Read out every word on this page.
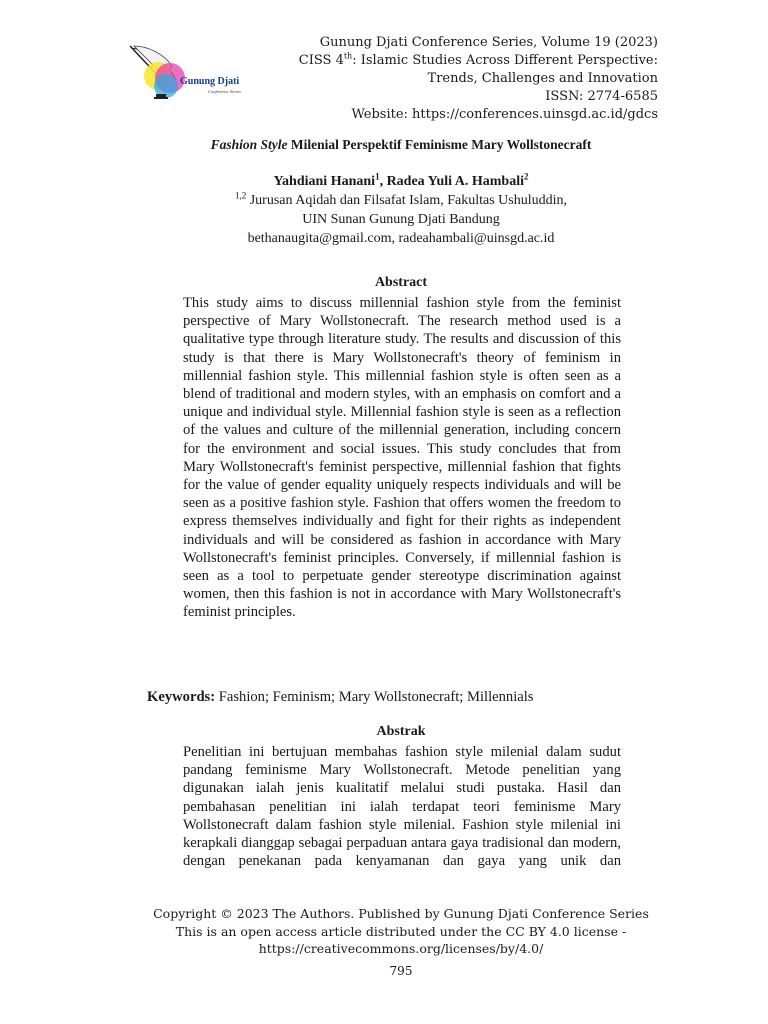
Gunung Djati
Conference Series
Gunung Djati Conference Series, Volume 19 (2023)
CISS 4th: Islamic Studies Across Different Perspective:
Trends, Challenges and Innovation
ISSN: 2774-6585
Website: https://conferences.uinsgd.ac.id/gdcs
Fashion Style Milenial Perspektif Feminisme Mary Wollstonecraft
Yahdiani Hanani$^1$, Radea Yuli A. Hambali$^2$
$^{1,2}$ Jurusan Aqidah dan Filsafat Islam, Fakultas Ushuluddin,
UIN Sunan Gunung Djati Bandung
bethanaugita@gmail.com, radeahambali@uinsgd.ac.id
Abstract
This study aims to discuss millennial fashion style from the feminist perspective of Mary Wollstonecraft. The research method used is a qualitative type through literature study. The results and discussion of this study is that there is Mary Wollstonecraft's theory of feminism in millennial fashion style. This millennial fashion style is often seen as a blend of traditional and modern styles, with an emphasis on comfort and a unique and individual style. Millennial fashion style is seen as a reflection of the values and culture of the millennial generation, including concern for the environment and social issues. This study concludes that from Mary Wollstonecraft's feminist perspective, millennial fashion that fights for the value of gender equality uniquely respects individuals and will be seen as a positive fashion style. Fashion that offers women the freedom to express themselves individually and fight for their rights as independent individuals and will be considered as fashion in accordance with Mary Wollstonecraft's feminist principles. Conversely, if millennial fashion is seen as a tool to perpetuate gender stereotype discrimination against women, then this fashion is not in accordance with Mary Wollstonecraft's feminist principles.
Keywords: Fashion; Feminism; Mary Wollstonecraft; Millennials
Abstrak
Penelitian ini bertujuan membahas fashion style milenial dalam sudut pandang feminisme Mary Wollstonecraft. Metode penelitian yang digunakan ialah jenis kualitatif melalui studi pustaka. Hasil dan pembahasan penelitian ini ialah terdapat teori feminisme Mary Wollstonecraft dalam fashion style milenial. Fashion style milenial ini kerapkali dianggap sebagai perpaduan antara gaya tradisional dan modern, dengan penekanan pada kenyamanan dan gaya yang unik dan
Copyright © 2023 The Authors. Published by Gunung Djati Conference Series
This is an open access article distributed under the CC BY 4.0 license -
https://creativecommons.org/licenses/by/4.0/
795
